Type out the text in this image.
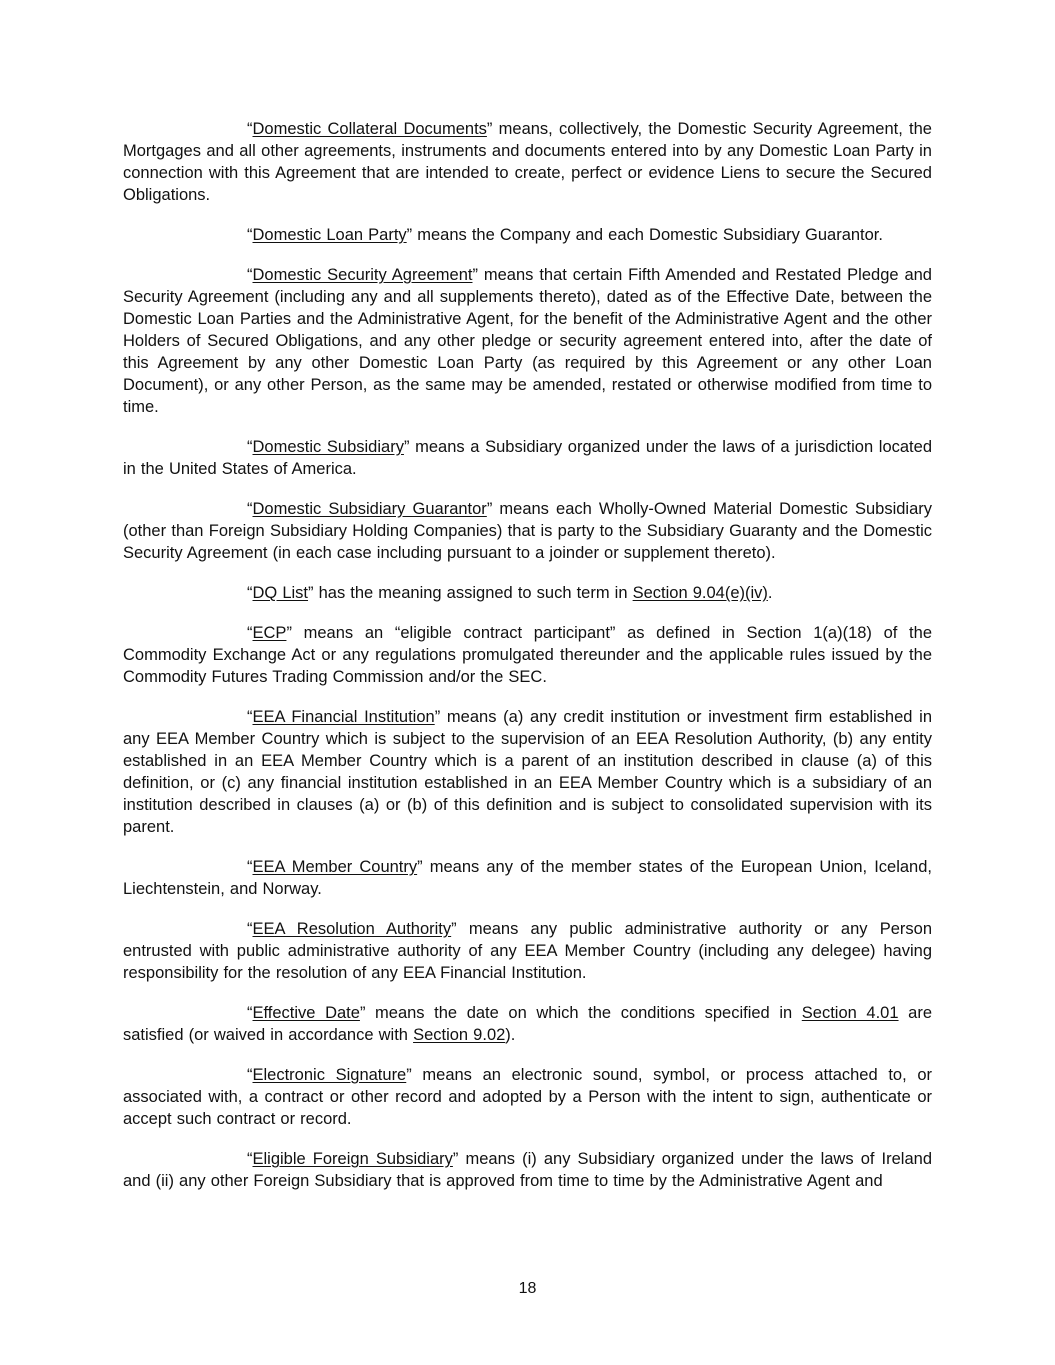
“Domestic Collateral Documents” means, collectively, the Domestic Security Agreement, the Mortgages and all other agreements, instruments and documents entered into by any Domestic Loan Party in connection with this Agreement that are intended to create, perfect or evidence Liens to secure the Secured Obligations.

“Domestic Loan Party” means the Company and each Domestic Subsidiary Guarantor.

“Domestic Security Agreement” means that certain Fifth Amended and Restated Pledge and Security Agreement (including any and all supplements thereto), dated as of the Effective Date, between the Domestic Loan Parties and the Administrative Agent, for the benefit of the Administrative Agent and the other Holders of Secured Obligations, and any other pledge or security agreement entered into, after the date of this Agreement by any other Domestic Loan Party (as required by this Agreement or any other Loan Document), or any other Person, as the same may be amended, restated or otherwise modified from time to time.

“Domestic Subsidiary” means a Subsidiary organized under the laws of a jurisdiction located in the United States of America.

“Domestic Subsidiary Guarantor” means each Wholly-Owned Material Domestic Subsidiary (other than Foreign Subsidiary Holding Companies) that is party to the Subsidiary Guaranty and the Domestic Security Agreement (in each case including pursuant to a joinder or supplement thereto).

“DQ List” has the meaning assigned to such term in Section 9.04(e)(iv).

“ECP” means an “eligible contract participant” as defined in Section 1(a)(18) of the Commodity Exchange Act or any regulations promulgated thereunder and the applicable rules issued by the Commodity Futures Trading Commission and/or the SEC.

“EEA Financial Institution” means (a) any credit institution or investment firm established in any EEA Member Country which is subject to the supervision of an EEA Resolution Authority, (b) any entity established in an EEA Member Country which is a parent of an institution described in clause (a) of this definition, or (c) any financial institution established in an EEA Member Country which is a subsidiary of an institution described in clauses (a) or (b) of this definition and is subject to consolidated supervision with its parent.

“EEA Member Country” means any of the member states of the European Union, Iceland, Liechtenstein, and Norway.

“EEA Resolution Authority” means any public administrative authority or any Person entrusted with public administrative authority of any EEA Member Country (including any delegee) having responsibility for the resolution of any EEA Financial Institution.

“Effective Date” means the date on which the conditions specified in Section 4.01 are satisfied (or waived in accordance with Section 9.02).

“Electronic Signature” means an electronic sound, symbol, or process attached to, or associated with, a contract or other record and adopted by a Person with the intent to sign, authenticate or accept such contract or record.

“Eligible Foreign Subsidiary” means (i) any Subsidiary organized under the laws of Ireland and (ii) any other Foreign Subsidiary that is approved from time to time by the Administrative Agent and

18
